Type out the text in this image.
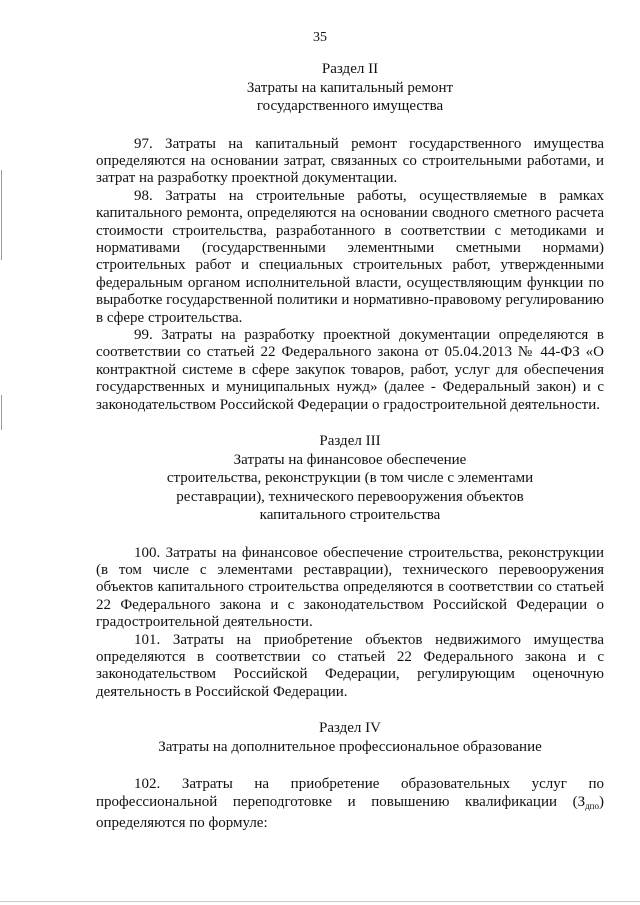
35
Раздел II
Затраты на капитальный ремонт
государственного имущества

97. Затраты на капитальный ремонт государственного имущества определяются на основании затрат, связанных со строительными работами, и затрат на разработку проектной документации.

98. Затраты на строительные работы, осуществляемые в рамках капитального ремонта, определяются на основании сводного сметного расчета стоимости строительства, разработанного в соответствии с методиками и нормативами (государственными элементными сметными нормами) строительных работ и специальных строительных работ, утвержденными федеральным органом исполнительной власти, осуществляющим функции по выработке государственной политики и нормативно-правовому регулированию в сфере строительства.

99. Затраты на разработку проектной документации определяются в соответствии со статьей 22 Федерального закона от 05.04.2013 № 44-ФЗ «О контрактной системе в сфере закупок товаров, работ, услуг для обеспечения государственных и муниципальных нужд» (далее - Федеральный закон) и с законодательством Российской Федерации о градостроительной деятельности.

Раздел III
Затраты на финансовое обеспечение
строительства, реконструкции (в том числе с элементами
реставрации), технического перевооружения объектов
капитального строительства

100. Затраты на финансовое обеспечение строительства, реконструкции (в том числе с элементами реставрации), технического перевооружения объектов капитального строительства определяются в соответствии со статьей 22 Федерального закона и с законодательством Российской Федерации о градостроительной деятельности.

101. Затраты на приобретение объектов недвижимого имущества определяются в соответствии со статьей 22 Федерального закона и с законодательством Российской Федерации, регулирующим оценочную деятельность в Российской Федерации.

Раздел IV
Затраты на дополнительное профессиональное образование

102. Затраты на приобретение образовательных услуг по профессиональной переподготовке и повышению квалификации $(З_{дпо})$ определяются по формуле:
